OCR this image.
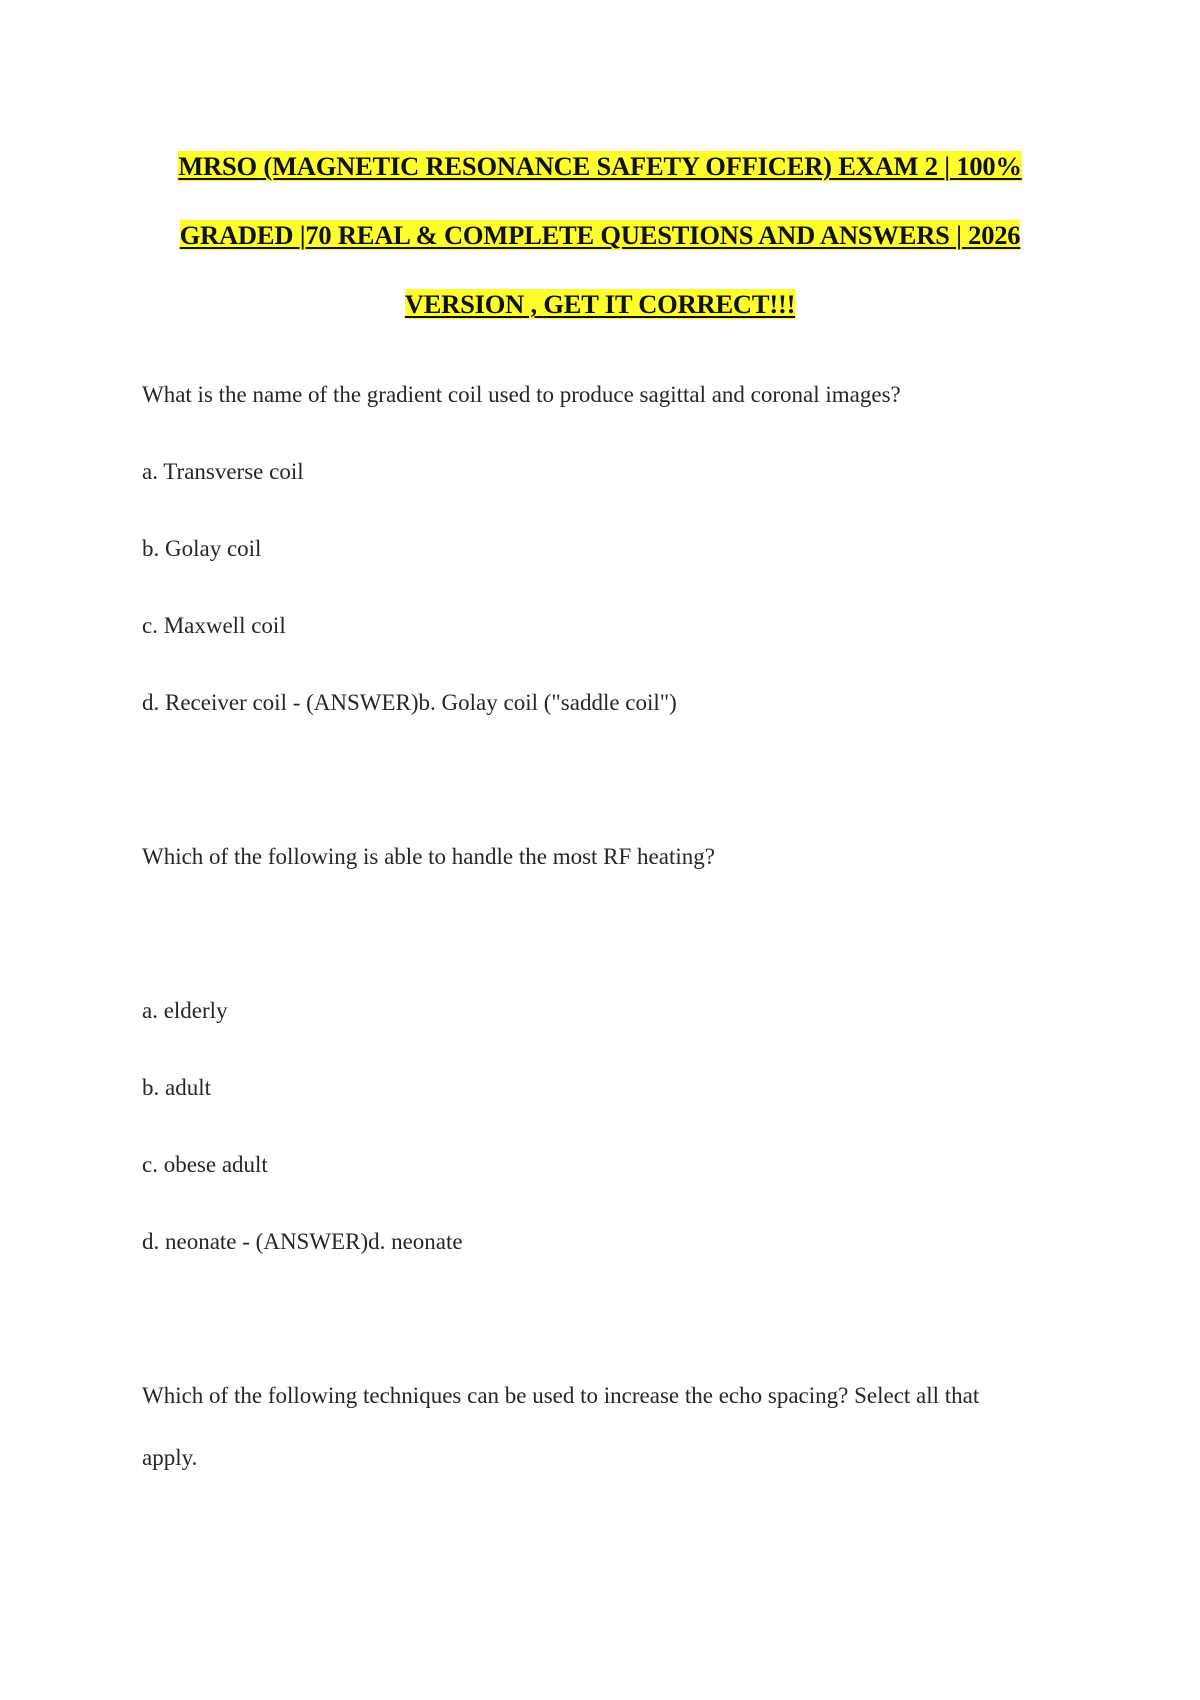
MRSO (MAGNETIC RESONANCE SAFETY OFFICER) EXAM 2 | 100%
GRADED |70 REAL & COMPLETE QUESTIONS AND ANSWERS | 2026
VERSION , GET IT CORRECT!!!
What is the name of the gradient coil used to produce sagittal and coronal images?
a. Transverse coil
b. Golay coil
c. Maxwell coil
d. Receiver coil - (ANSWER)b. Golay coil ("saddle coil")
Which of the following is able to handle the most RF heating?
a. elderly
b. adult
c. obese adult
d. neonate - (ANSWER)d. neonate
Which of the following techniques can be used to increase the echo spacing? Select all that
apply.
